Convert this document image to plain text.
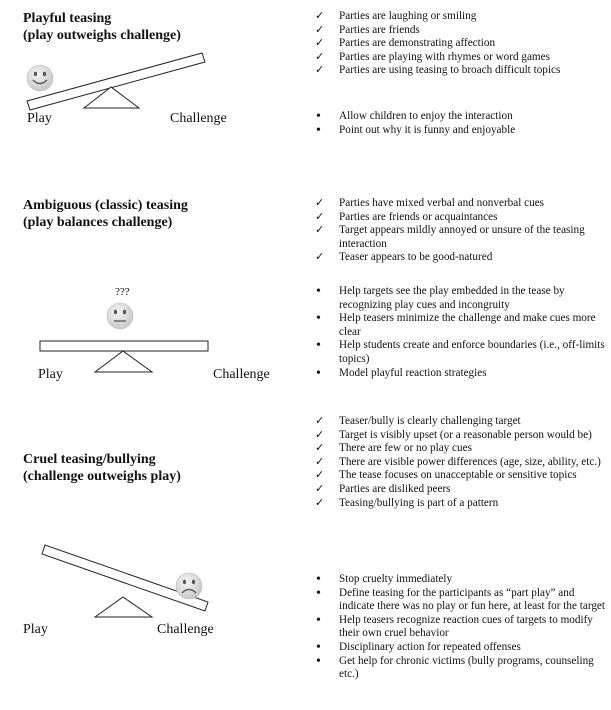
Playful teasing
(play outweighs challenge)
Play	Challenge
✓	Parties are laughing or smiling
✓	Parties are friends
✓	Parties are demonstrating affection
✓	Parties are playing with rhymes or word games
✓	Parties are using teasing to broach difficult topics
•	Allow children to enjoy the interaction
•	Point out why it is funny and enjoyable
Ambiguous (classic) teasing
(play balances challenge)
???
Play	Challenge
✓	Parties have mixed verbal and nonverbal cues
✓	Parties are friends or acquaintances
✓	Target appears mildly annoyed or unsure of the teasing interaction
✓	Teaser appears to be good-natured
•	Help targets see the play embedded in the tease by recognizing play cues and incongruity
•	Help teasers minimize the challenge and make cues more clear
•	Help students create and enforce boundaries (i.e., off-limits topics)
•	Model playful reaction strategies
Cruel teasing/bullying
(challenge outweighs play)
Play	Challenge
✓	Teaser/bully is clearly challenging target
✓	Target is visibly upset (or a reasonable person would be)
✓	There are few or no play cues
✓	There are visible power differences (age, size, ability, etc.)
✓	The tease focuses on unacceptable or sensitive topics
✓	Parties are disliked peers
✓	Teasing/bullying is part of a pattern
•	Stop cruelty immediately
•	Define teasing for the participants as “part play” and indicate there was no play or fun here, at least for the target
•	Help teasers recognize reaction cues of targets to modify their own cruel behavior
•	Disciplinary action for repeated offenses
•	Get help for chronic victims (bully programs, counseling etc.)
